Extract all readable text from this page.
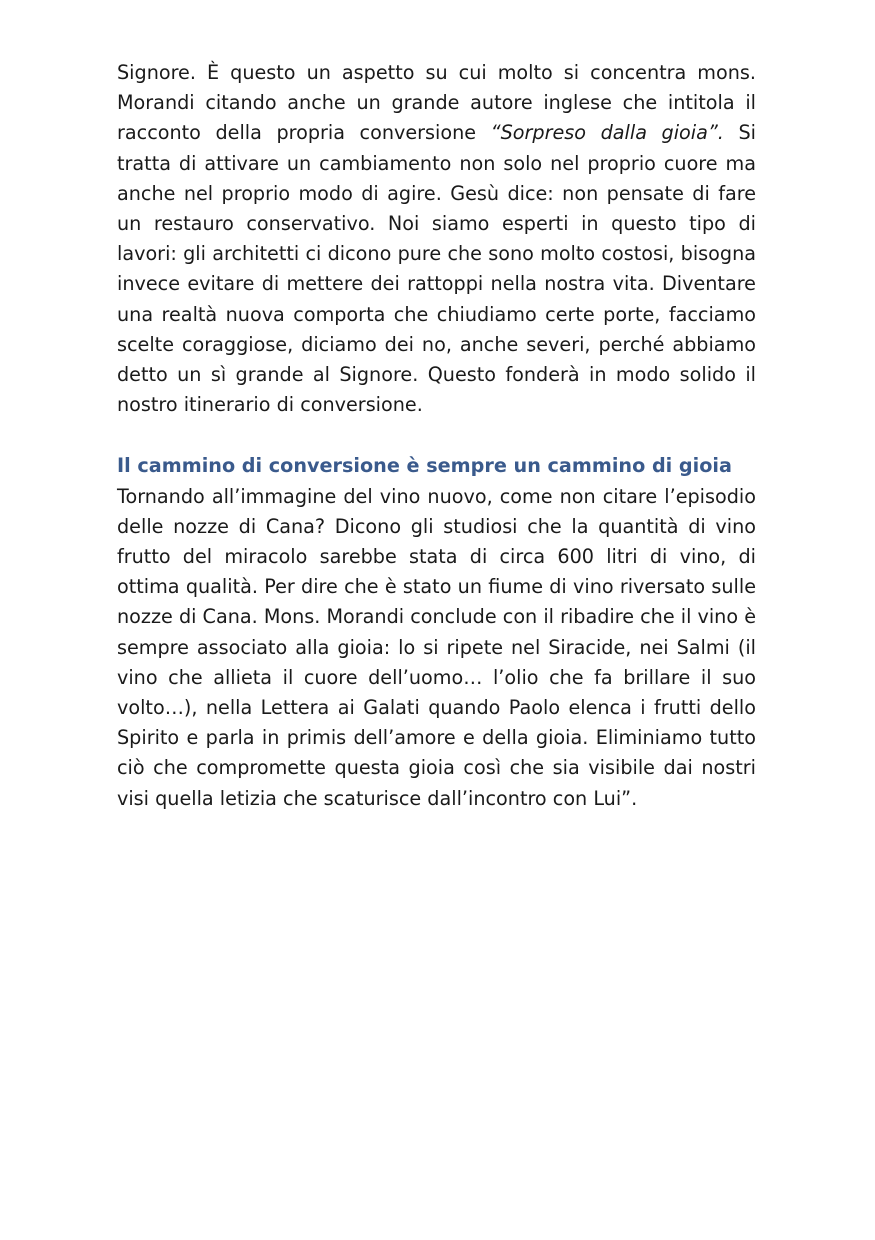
Signore. È questo un aspetto su cui molto si concentra mons. Morandi citando anche un grande autore inglese che intitola il racconto della propria conversione “Sorpreso dalla gioia”. Si tratta di attivare un cambiamento non solo nel proprio cuore ma anche nel proprio modo di agire. Gesù dice: non pensate di fare un restauro conservativo. Noi siamo esperti in questo tipo di lavori: gli architetti ci dicono pure che sono molto costosi, bisogna invece evitare di mettere dei rattoppi nella nostra vita. Diventare una realtà nuova comporta che chiudiamo certe porte, facciamo scelte coraggiose, diciamo dei no, anche severi, perché abbiamo detto un sì grande al Signore. Questo fonderà in modo solido il nostro itinerario di conversione.

Il cammino di conversione è sempre un cammino di gioia

Tornando all’immagine del vino nuovo, come non citare l’episodio delle nozze di Cana? Dicono gli studiosi che la quantità di vino frutto del miracolo sarebbe stata di circa 600 litri di vino, di ottima qualità. Per dire che è stato un fiume di vino riversato sulle nozze di Cana. Mons. Morandi conclude con il ribadire che il vino è sempre associato alla gioia: lo si ripete nel Siracide, nei Salmi (il vino che allieta il cuore dell’uomo… l’olio che fa brillare il suo volto…), nella Lettera ai Galati quando Paolo elenca i frutti dello Spirito e parla in primis dell’amore e della gioia. Eliminiamo tutto ciò che compromette questa gioia così che sia visibile dai nostri visi quella letizia che scaturisce dall’incontro con Lui”.
